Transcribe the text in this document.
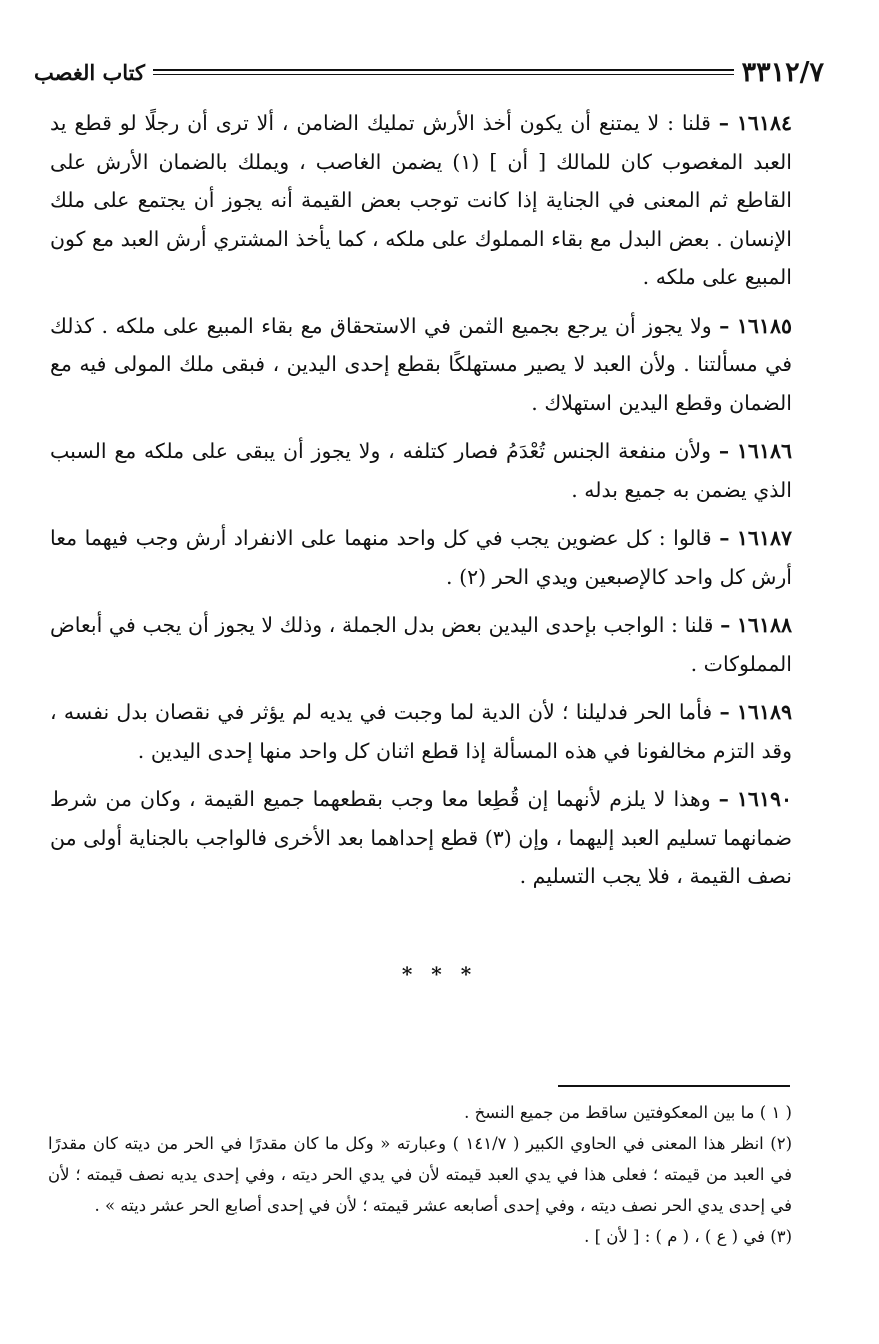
٣٣١٢/٧
كتاب الغصب

١٦١٨٤ – قلنا : لا يمتنع أن يكون أخذ الأرش تمليك الضامن ، ألا ترى أن رجلًا لو قطع يد العبد المغصوب كان للمالك [ أن ] (١) يضمن الغاصب ، ويملك بالضمان الأرش على القاطع ثم المعنى في الجناية إذا كانت توجب بعض القيمة أنه يجوز أن يجتمع على ملك الإنسان . بعض البدل مع بقاء المملوك على ملكه ، كما يأخذ المشتري أرش العبد مع كون المبيع على ملكه .

١٦١٨٥ – ولا يجوز أن يرجع بجميع الثمن في الاستحقاق مع بقاء المبيع على ملكه . كذلك في مسألتنا . ولأن العبد لا يصير مستهلكًا بقطع إحدى اليدين ، فبقى ملك المولى فيه مع الضمان وقطع اليدين استهلاك .

١٦١٨٦ – ولأن منفعة الجنس تُعْدَمُ فصار كتلفه ، ولا يجوز أن يبقى على ملكه مع السبب الذي يضمن به جميع بدله .

١٦١٨٧ – قالوا : كل عضوين يجب في كل واحد منهما على الانفراد أرش وجب فيهما معا أرش كل واحد كالإصبعين ويدي الحر (٢) .

١٦١٨٨ – قلنا : الواجب بإحدى اليدين بعض بدل الجملة ، وذلك لا يجوز أن يجب في أبعاض المملوكات .

١٦١٨٩ – فأما الحر فدليلنا ؛ لأن الدية لما وجبت في يديه لم يؤثر في نقصان بدل نفسه ، وقد التزم مخالفونا في هذه المسألة إذا قطع اثنان كل واحد منها إحدى اليدين .

١٦١٩٠ – وهذا لا يلزم لأنهما إن قُطِعا معا وجب بقطعهما جميع القيمة ، وكان من شرط ضمانهما تسليم العبد إليهما ، وإن (٣) قطع إحداهما بعد الأخرى فالواجب بالجناية أولى من نصف القيمة ، فلا يجب التسليم .

* * *

( ١ ) ما بين المعكوفتين ساقط من جميع النسخ .

(٢) انظر هذا المعنى في الحاوي الكبير ( ١٤١/٧ ) وعبارته « وكل ما كان مقدرًا في الحر من ديته كان مقدرًا في العبد من قيمته ؛ فعلى هذا في يدي العبد قيمته لأن في يدي الحر ديته ، وفي إحدى يديه نصف قيمته ؛ لأن في إحدى يدي الحر نصف ديته ، وفي إحدى أصابعه عشر قيمته ؛ لأن في إحدى أصابع الحر عشر ديته » .

(٣) في ( ع ) ، ( م ) : [ لأن ] .
